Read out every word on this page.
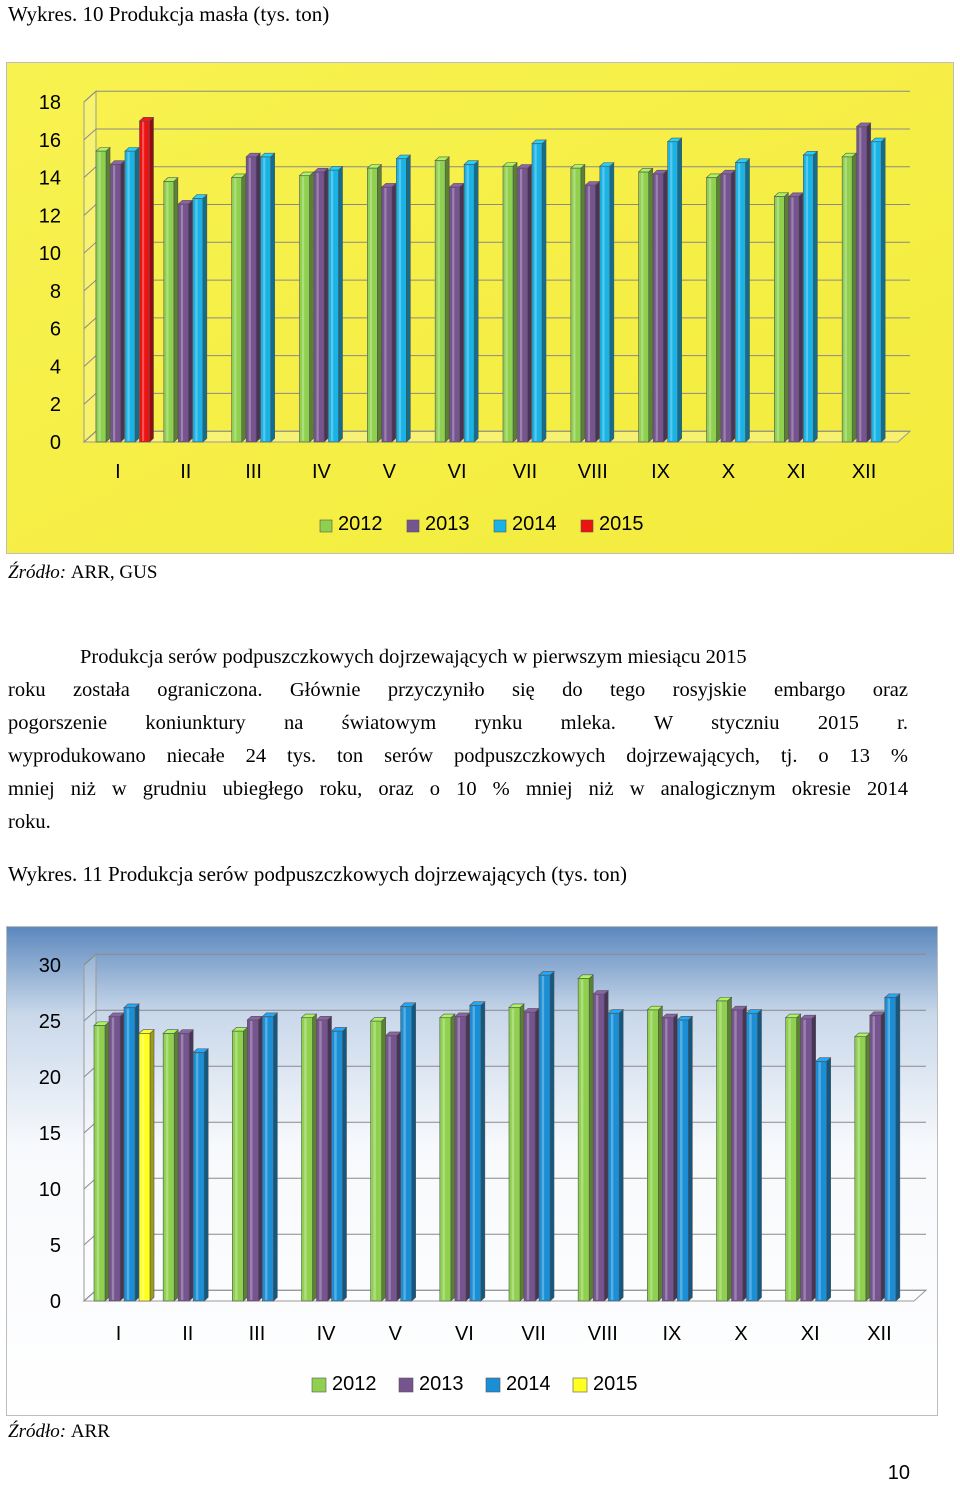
Wykres. 10 Produkcja masła (tys. ton)
0
2
4
6
8
10
12
14
16
18
I	II	III	IV	V	VI VII VIII IX	X	XI XII
2012 2013 2014 2015
Źródło: ARR, GUS

Produkcja serów podpuszczkowych dojrzewających w pierwszym miesiącu 2015

roku została ograniczona. Głównie przyczyniło się do tego rosyjskie embargo oraz

pogorszenie koniunktury na światowym rynku mleka. W styczniu 2015 r.

wyprodukowano niecałe 24 tys. ton serów podpuszczkowych dojrzewających, tj. o 13 %

mniej niż w grudniu ubiegłego roku, oraz o 10 % mniej niż w analogicznym okresie 2014

roku.

Wykres. 11 Produkcja serów podpuszczkowych dojrzewających (tys. ton)
0
5
10
15
20
25
30
I	II	III	IV	V	VI VII VIII IX	X	XI XII
2012 2013 2014 2015
Źródło: ARR
10
